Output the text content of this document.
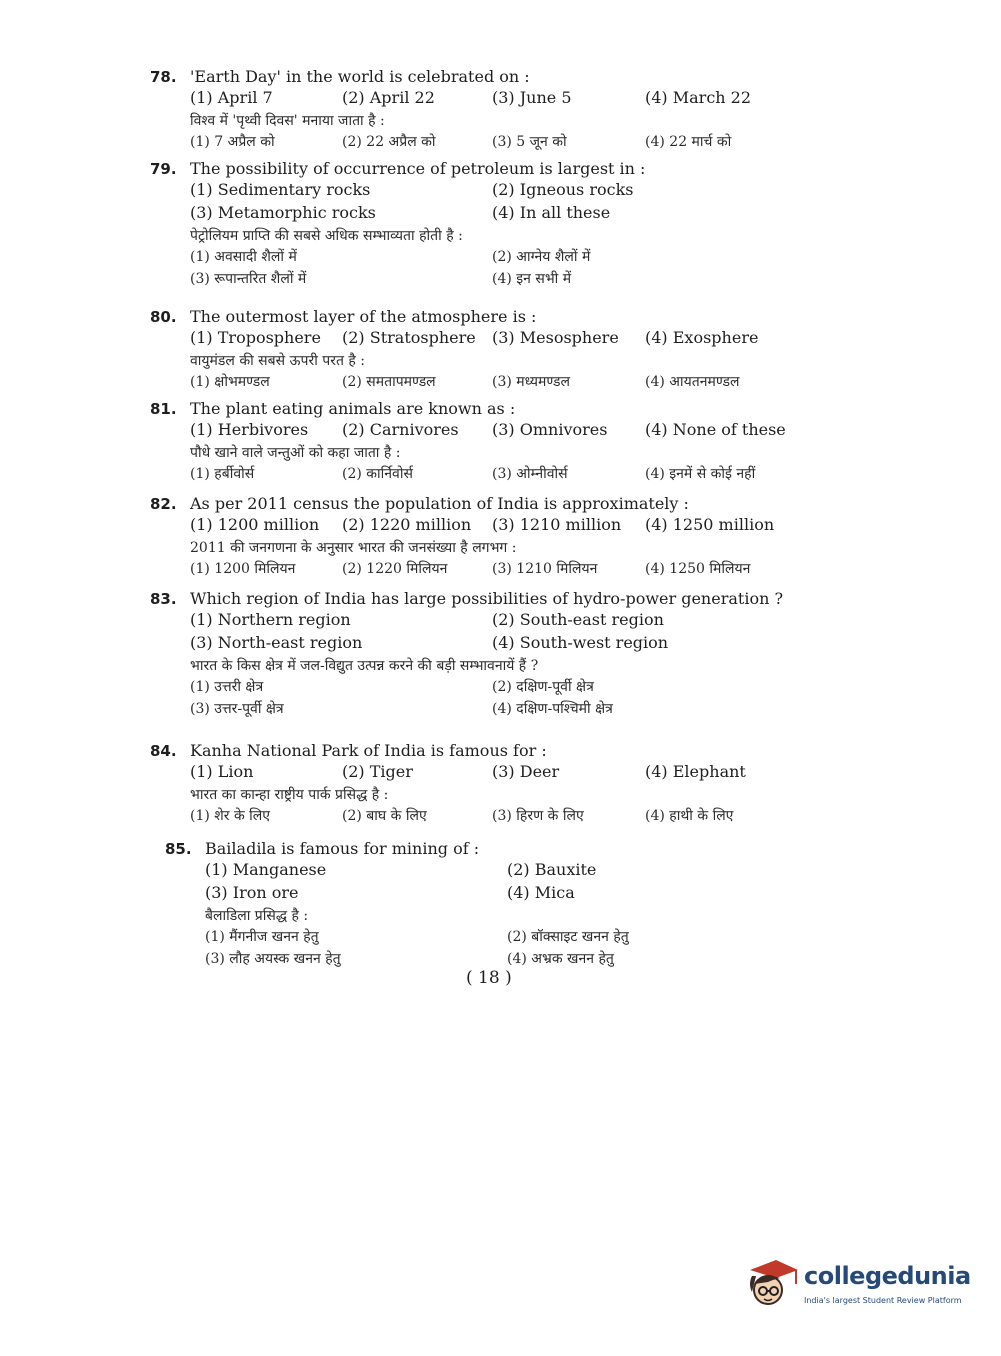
78. 'Earth Day' in the world is celebrated on :
(1) April 7	(2) April 22	(3) June 5	(4) March 22
विश्व में 'पृथ्वी दिवस' मनाया जाता है :
(1) 7 अप्रैल को	(2) 22 अप्रैल को	(3) 5 जून को	(4) 22 मार्च को
79. The possibility of occurrence of petroleum is largest in :
(1) Sedimentary rocks	(2) Igneous rocks
(3) Metamorphic rocks	(4) In all these
पेट्रोलियम प्राप्ति की सबसे अधिक सम्भाव्यता होती है :
(1) अवसादी शैलों में	(2) आग्नेय शैलों में
(3) रूपान्तरित शैलों में	(4) इन सभी में
80. The outermost layer of the atmosphere is :
(1) Troposphere (2) Stratosphere (3) Mesosphere (4) Exosphere
वायुमंडल की सबसे ऊपरी परत है :
(1) क्षोभमण्डल	(2) समतापमण्डल	(3) मध्यमण्डल	(4) आयतनमण्डल
81. The plant eating animals are known as :
(1) Herbivores (2) Carnivores (3) Omnivores (4) None of these
पौधे खाने वाले जन्तुओं को कहा जाता है :
(1) हर्बीवोर्स	(2) कार्निवोर्स	(3) ओम्नीवोर्स	(4) इनमें से कोई नहीं
82. As per 2011 census the population of India is approximately :
(1) 1200 million (2) 1220 million (3) 1210 million (4) 1250 million
2011 की जनगणना के अनुसार भारत की जनसंख्या है लगभग :
(1) 1200 मिलियन	(2) 1220 मिलियन	(3) 1210 मिलियन	(4) 1250 मिलियन
83. Which region of India has large possibilities of hydro-power generation ?
(1) Northern region	(2) South-east region
(3) North-east region	(4) South-west region
भारत के किस क्षेत्र में जल-विद्युत उत्पन्न करने की बड़ी सम्भावनायें हैं ?
(1) उत्तरी क्षेत्र	(2) दक्षिण-पूर्वी क्षेत्र
(3) उत्तर-पूर्वी क्षेत्र	(4) दक्षिण-पश्चिमी क्षेत्र
84. Kanha National Park of India is famous for :
(1) Lion	(2) Tiger	(3) Deer	(4) Elephant
भारत का कान्हा राष्ट्रीय पार्क प्रसिद्ध है :
(1) शेर के लिए	(2) बाघ के लिए	(3) हिरण के लिए	(4) हाथी के लिए
85. Bailadila is famous for mining of :
(1) Manganese	(2) Bauxite
(3) Iron ore	(4) Mica
बैलाडिला प्रसिद्ध है :
(1) मैंगनीज खनन हेतु	(2) बॉक्साइट खनन हेतु
(3) लौह अयस्क खनन हेतु	(4) अभ्रक खनन हेतु
( 18 )
collegedunia
India's largest Student Review Platform
